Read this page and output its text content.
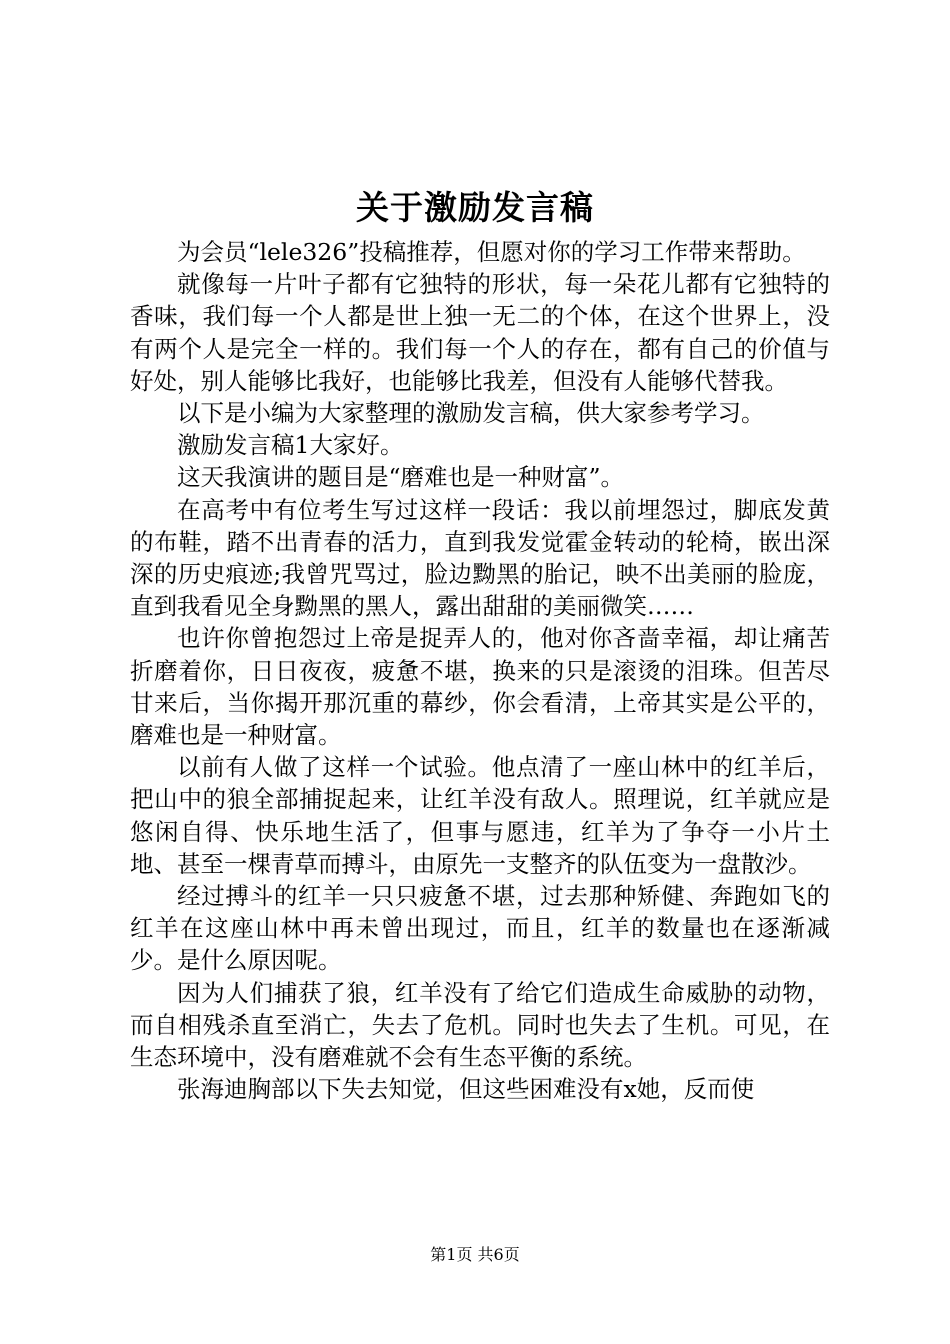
关于激励发言稿

为会员“lele326”投稿推荐，但愿对你的学习工作带来帮助。

就像每一片叶子都有它独特的形状，每一朵花儿都有它独特的香味，我们每一个人都是世上独一无二的个体，在这个世界上，没有两个人是完全一样的。我们每一个人的存在，都有自己的价值与好处，别人能够比我好，也能够比我差，但没有人能够代替我。

以下是小编为大家整理的激励发言稿，供大家参考学习。

激励发言稿1大家好。

这天我演讲的题目是“磨难也是一种财富”。

在高考中有位考生写过这样一段话：我以前埋怨过，脚底发黄的布鞋，踏不出青春的活力，直到我发觉霍金转动的轮椅，嵌出深深的历史痕迹;我曾咒骂过，脸边黝黑的胎记，映不出美丽的脸庞，直到我看见全身黝黑的黑人，露出甜甜的美丽微笑……

也许你曾抱怨过上帝是捉弄人的，他对你吝啬幸福，却让痛苦折磨着你，日日夜夜，疲惫不堪，换来的只是滚烫的泪珠。但苦尽甘来后，当你揭开那沉重的幕纱，你会看清，上帝其实是公平的，磨难也是一种财富。

以前有人做了这样一个试验。他点清了一座山林中的红羊后，把山中的狼全部捕捉起来，让红羊没有敌人。照理说，红羊就应是悠闲自得、快乐地生活了，但事与愿违，红羊为了争夺一小片土地、甚至一棵青草而搏斗，由原先一支整齐的队伍变为一盘散沙。

经过搏斗的红羊一只只疲惫不堪，过去那种矫健、奔跑如飞的红羊在这座山林中再未曾出现过，而且，红羊的数量也在逐渐减少。是什么原因呢。

因为人们捕获了狼，红羊没有了给它们造成生命威胁的动物，而自相残杀直至消亡，失去了危机。同时也失去了生机。可见，在生态环境中，没有磨难就不会有生态平衡的系统。

张海迪胸部以下失去知觉，但这些困难没有x她，反而使

第1页 共6页
